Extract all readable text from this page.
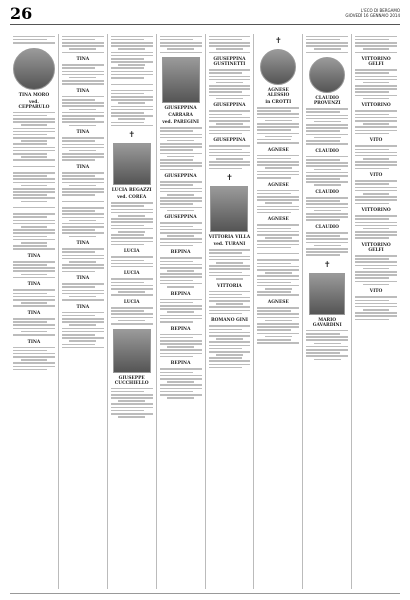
26	L'ECO DI BERGAMO
GIOVEDÌ 16 GENNAIO 2014
TINA MORO
ved. CEPPARULO
TINA
TINA
TINA
TINA
TINA
TINA
TINA
TINA
TINA
TINA
TINA
✝
LUCIA REGAZZI
ved. COREA
LUCIA
LUCIA
LUCIA
GIUSEPPE CUCCHIELLO
GIUSEPPINA
CARRARA
ved. PAREGINI
GIUSEPPINA
GIUSEPPINA
BEPINA
BEPINA
BEPINA
BEPINA
GIUSEPPINA GUSTINETTI
GIUSEPPINA
GIUSEPPINA
✝
VITTORIA VILLA
ved. TURANI
VITTORIA
ROMANO GINI
✝
AGNESE ALESSIO
in CROTTI
AGNESE
AGNESE
AGNESE
AGNESE
CLAUDIO PROVENZI
CLAUDIO
CLAUDIO
CLAUDIO
✝
MARIO GAVARDINI
VITTORINO GELFI
VITTORINO
VITO
VITO
VITTORINO
VITTORINO GELFI
VITO
